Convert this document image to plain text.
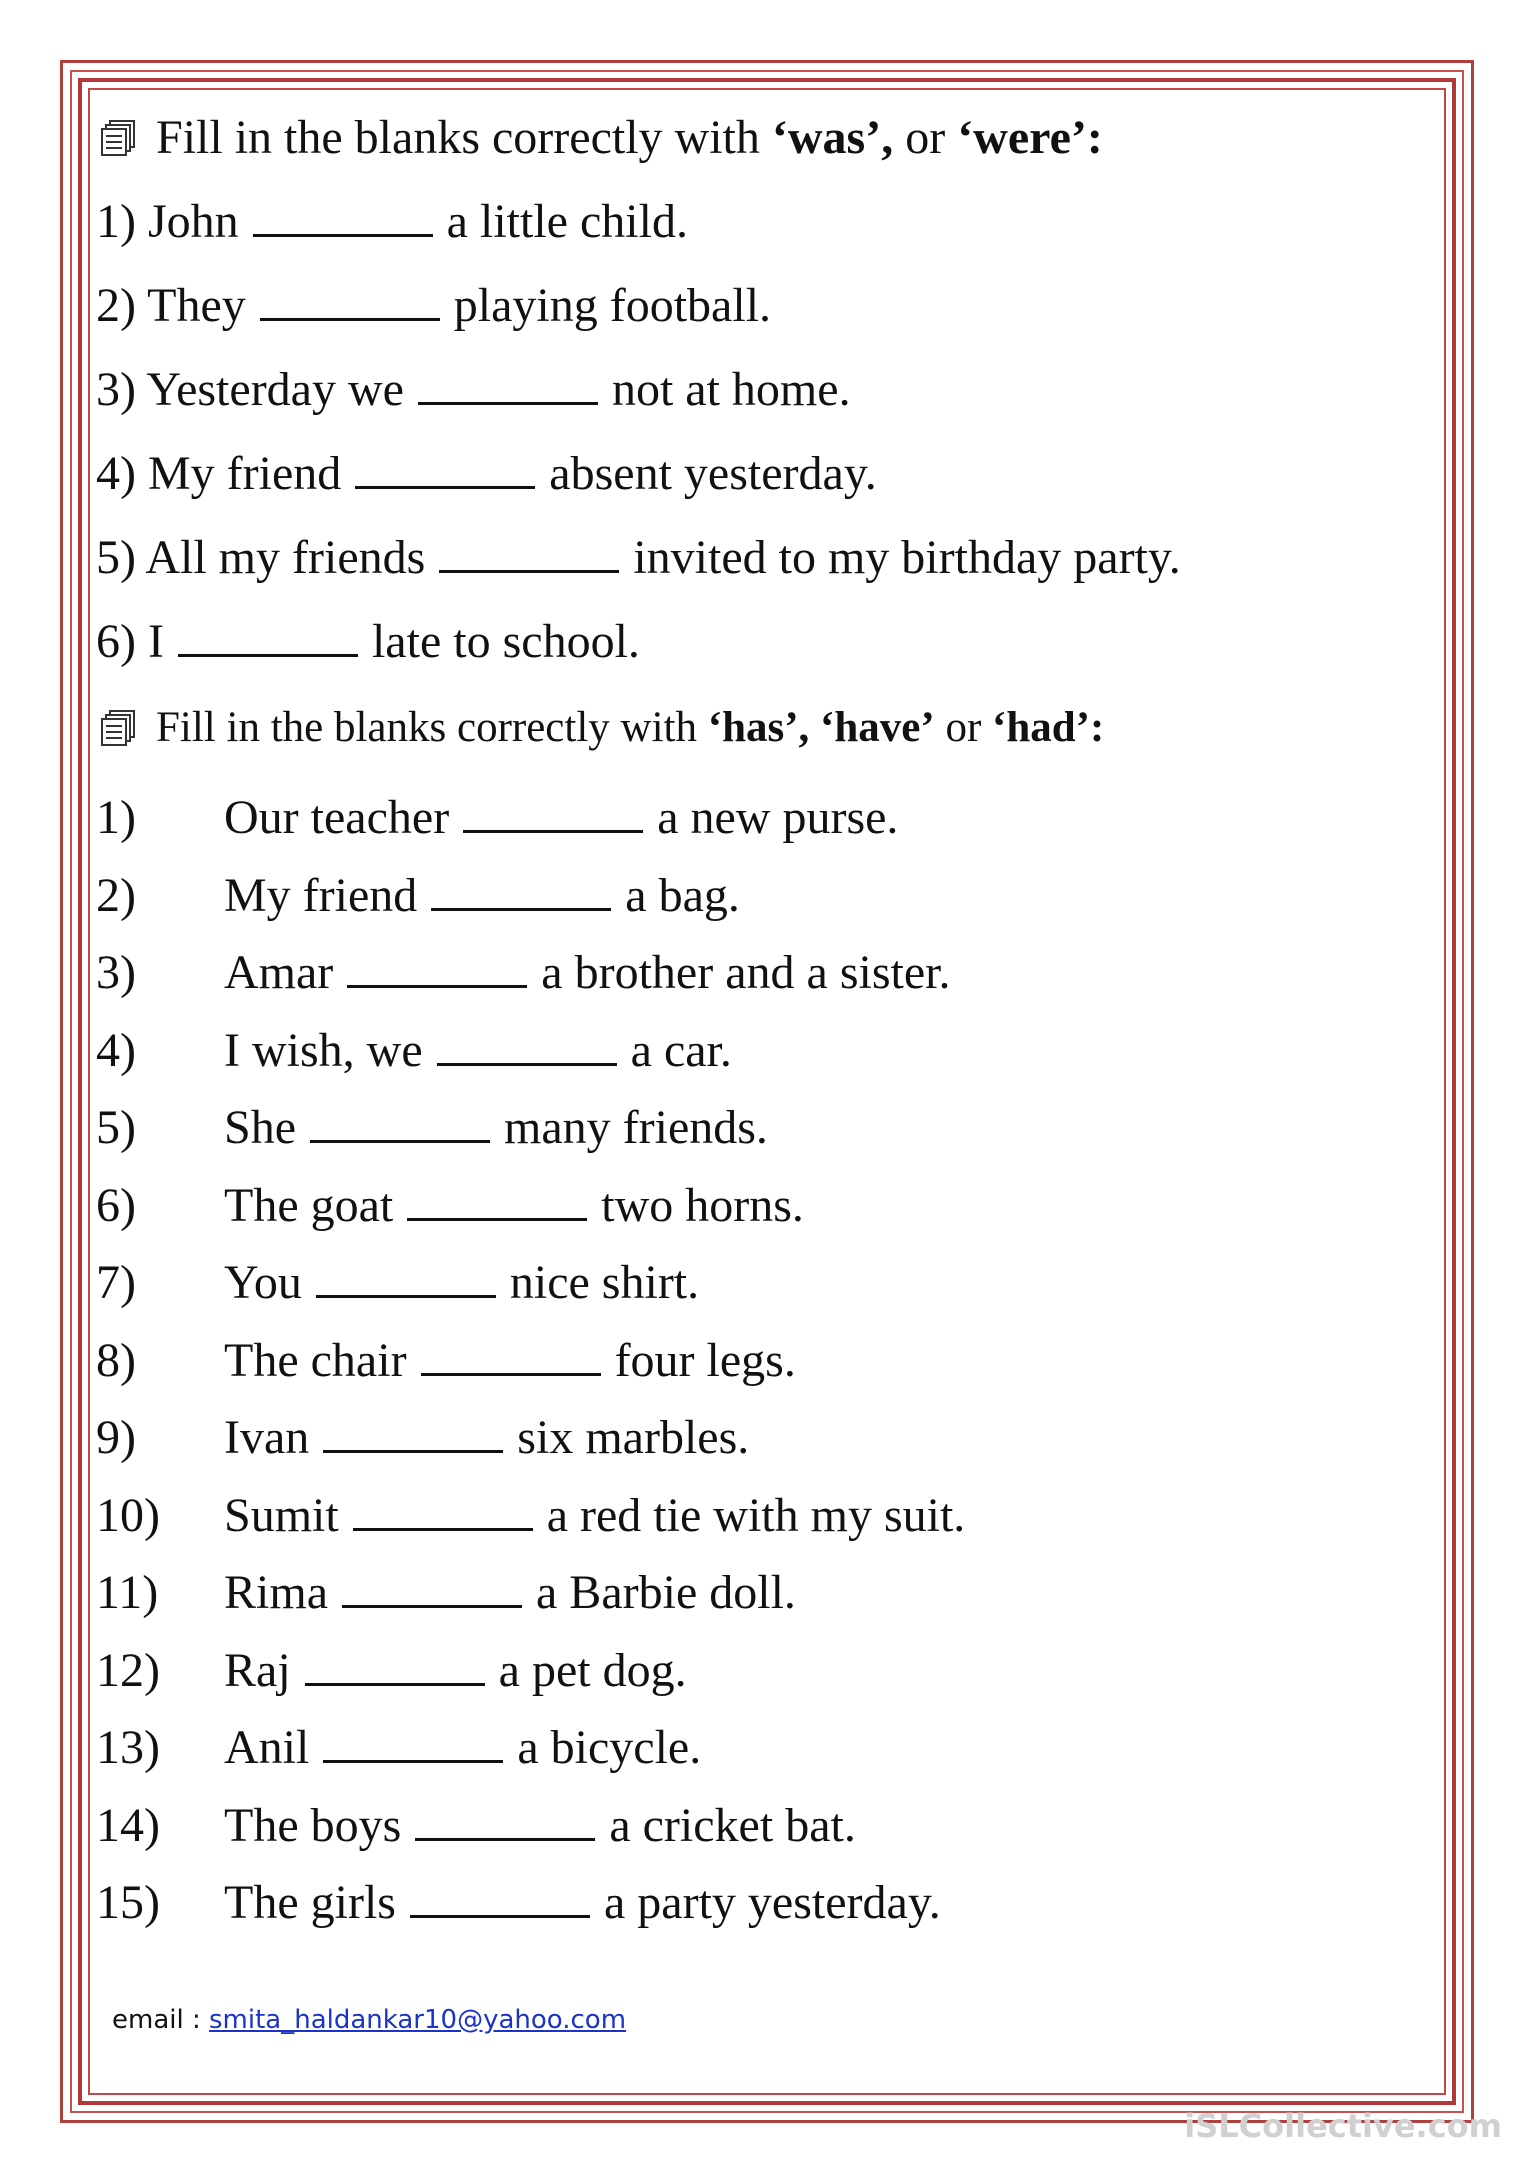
Fill in the blanks correctly with ‘was’, or ‘were’:
1) John	a little child.
2) They	playing football.
3) Yesterday we	not at home.
4) My friend	absent yesterday.
5) All my friends	invited to my birthday party.
6) I	late to school.
Fill in the blanks correctly with ‘has’, ‘have’ or ‘had’:
1) Our teacher	a new purse.
2) My friend	a bag.
3) Amar	a brother and a sister.
4) I wish, we	a car.
5) She	many friends.
6) The goat	two horns.
7) You	nice shirt.
8) The chair	four legs.
9) Ivan	six marbles.
10) Sumit	a red tie with my suit.
11) Rima	a Barbie doll.
12) Raj	a pet dog.
13) Anil	a bicycle.
14) The boys	a cricket bat.
15) The girls	a party yesterday.
email : smita_haldankar10@yahoo.com
iSLCollective.com
